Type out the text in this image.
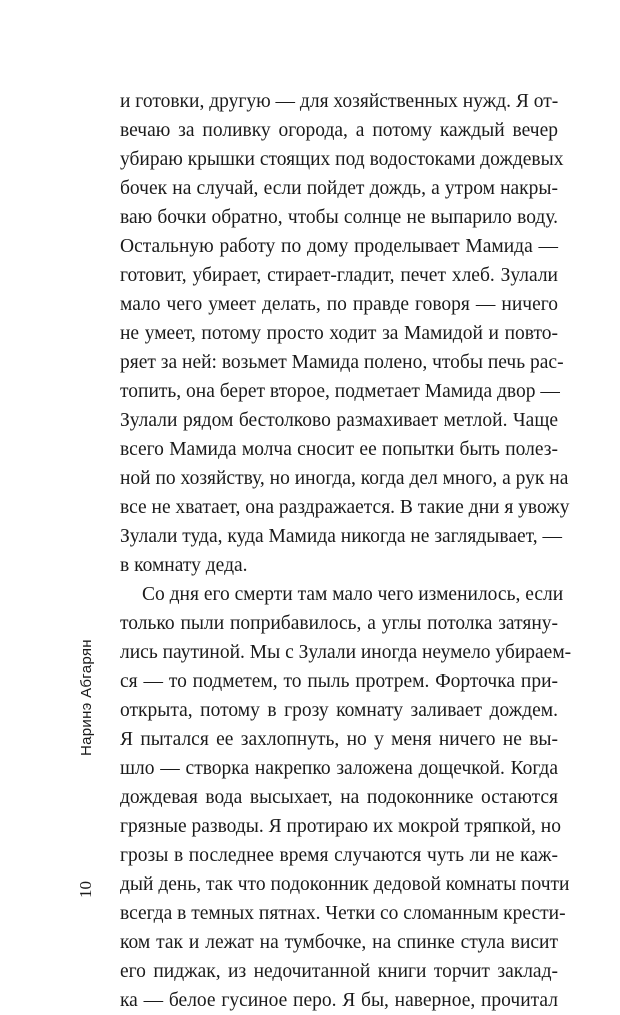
и готовки, другую — для хозяйственных нужд. Я от-
вечаю за поливку огорода, а потому каждый вечер
убираю крышки стоящих под водостоками дождевых
бочек на случай, если пойдет дождь, а утром накры-
ваю бочки обратно, чтобы солнце не выпарило воду.
Остальную работу по дому проделывает Мамида —
готовит, убирает, стирает-гладит, печет хлеб. Зулали
мало чего умеет делать, по правде говоря — ничего
не умеет, потому просто ходит за Мамидой и повто-
ряет за ней: возьмет Мамида полено, чтобы печь рас-
топить, она берет второе, подметает Мамида двор —
Зулали рядом бестолково размахивает метлой. Чаще
всего Мамида молча сносит ее попытки быть полез-
ной по хозяйству, но иногда, когда дел много, а рук на
все не хватает, она раздражается. В такие дни я увожу
Зулали туда, куда Мамида никогда не заглядывает, —
в комнату деда.
Со дня его смерти там мало чего изменилось, если
только пыли поприбавилось, а углы потолка затяну-
лись паутиной. Мы с Зулали иногда неумело убираем-
ся — то подметем, то пыль протрем. Форточка при-
открыта, потому в грозу комнату заливает дождем.
Я пытался ее захлопнуть, но у меня ничего не вы-
шло — створка накрепко заложена дощечкой. Когда
дождевая вода высыхает, на подоконнике остаются
грязные разводы. Я протираю их мокрой тряпкой, но
грозы в последнее время случаются чуть ли не каж-
дый день, так что подоконник дедовой комнаты почти
всегда в темных пятнах. Четки со сломанным крести-
ком так и лежат на тумбочке, на спинке стула висит
его пиджак, из недочитанной книги торчит заклад-
ка — белое гусиное перо. Я бы, наверное, прочитал
Наринэ Абгарян
10
